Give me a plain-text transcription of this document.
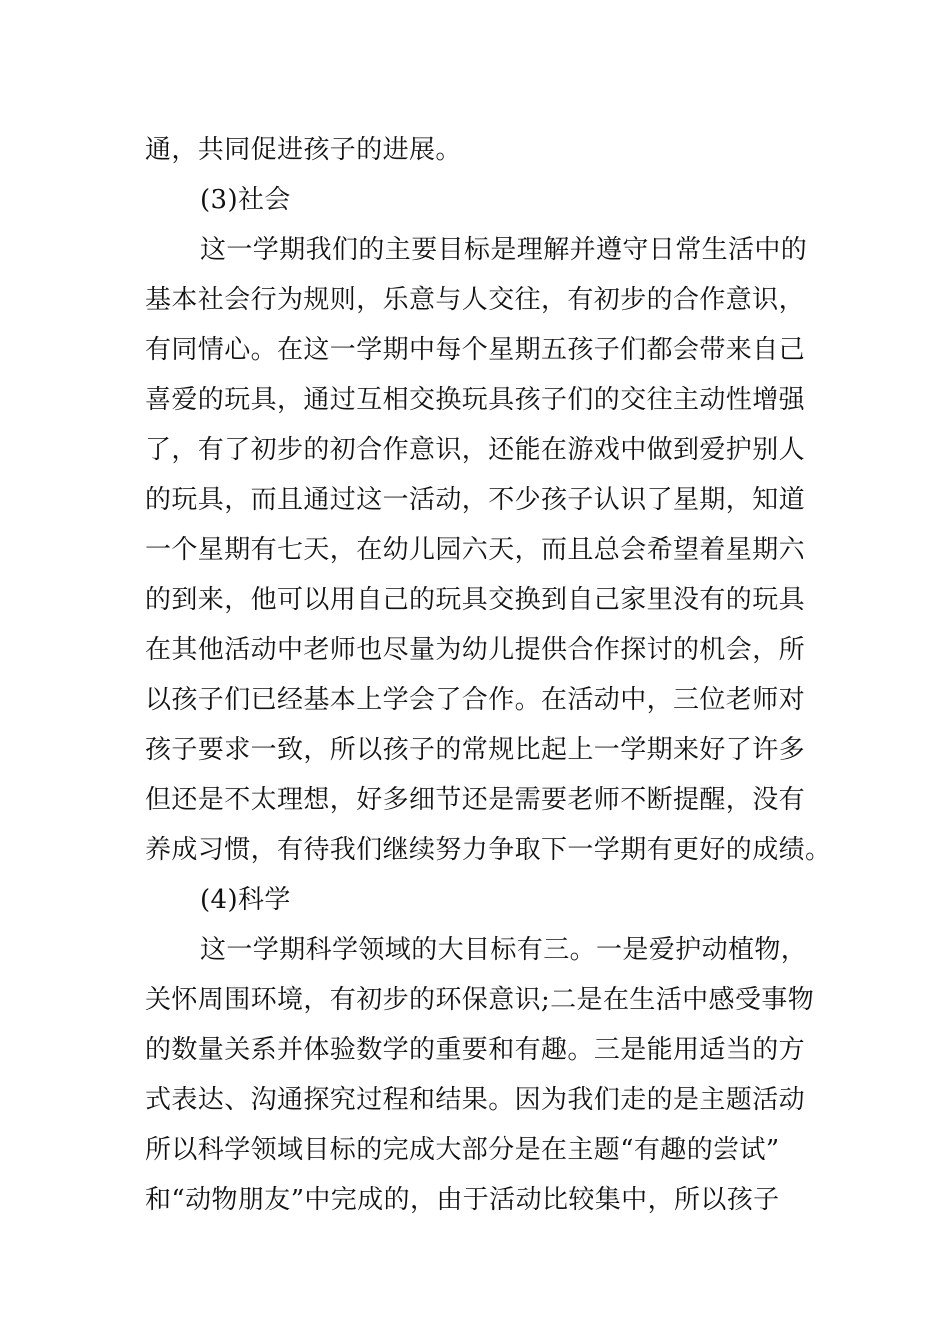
通，共同促进孩子的进展。
(3)社会
这一学期我们的主要目标是理解并遵守日常生活中的
基本社会行为规则，乐意与人交往，有初步的合作意识，
有同情心。在这一学期中每个星期五孩子们都会带来自己
喜爱的玩具，通过互相交换玩具孩子们的交往主动性增强
了，有了初步的初合作意识，还能在游戏中做到爱护别人
的玩具，而且通过这一活动，不少孩子认识了星期，知道
一个星期有七天，在幼儿园六天，而且总会希望着星期六
的到来，他可以用自己的玩具交换到自己家里没有的玩具
在其他活动中老师也尽量为幼儿提供合作探讨的机会，所
以孩子们已经基本上学会了合作。在活动中，三位老师对
孩子要求一致，所以孩子的常规比起上一学期来好了许多
但还是不太理想，好多细节还是需要老师不断提醒，没有
养成习惯，有待我们继续努力争取下一学期有更好的成绩。
(4)科学
这一学期科学领域的大目标有三。一是爱护动植物，
关怀周围环境，有初步的环保意识;二是在生活中感受事物
的数量关系并体验数学的重要和有趣。三是能用适当的方
式表达、沟通探究过程和结果。因为我们走的是主题活动
所以科学领域目标的完成大部分是在主题“有趣的尝试”
和“动物朋友”中完成的，由于活动比较集中，所以孩子
